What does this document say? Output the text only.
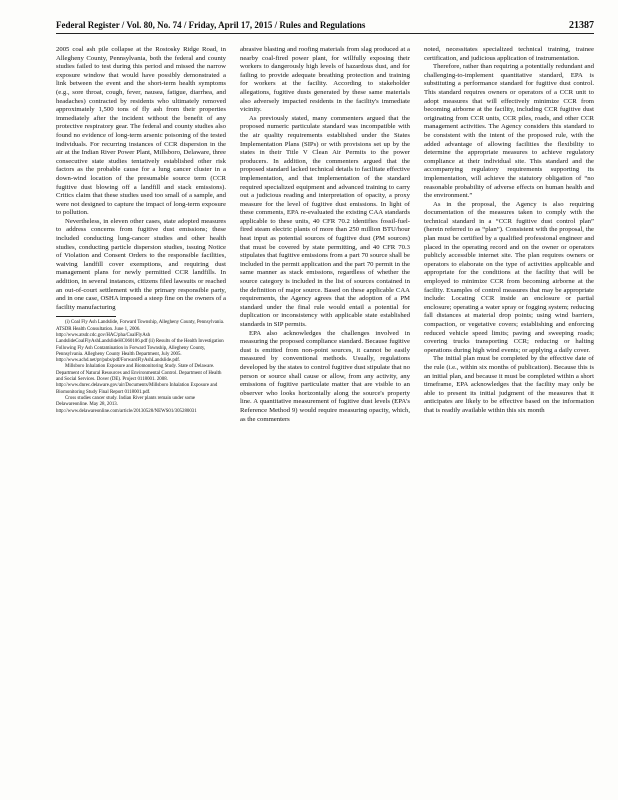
Federal Register / Vol. 80, No. 74 / Friday, April 17, 2015 / Rules and Regulations	21387

2005 coal ash pile collapse at the Rostosky Ridge Road, in Allegheny County, Pennsylvania, both the federal and county studies failed to test during this period and missed the narrow exposure window that would have possibly demonstrated a link between the event and the short-term health symptoms (e.g., sore throat, cough, fever, nausea, fatigue, diarrhea, and headaches) contracted by residents who ultimately removed approximately 1,500 tons of fly ash from their properties immediately after the incident without the benefit of any protective respiratory gear. The federal and county studies also found no evidence of long-term arsenic poisoning of the tested individuals. For recurring instances of CCR dispersion in the air at the Indian River Power Plant, Millsboro, Delaware, three consecutive state studies tentatively established other risk factors as the probable cause for a lung cancer cluster in a down-wind location of the presumable source term (CCR fugitive dust blowing off a landfill and stack emissions). Critics claim that these studies used too small of a sample, and were not designed to capture the impact of long-term exposure to pollution.

Nevertheless, in eleven other cases, state adopted measures to address concerns from fugitive dust emissions; these included conducting lung-cancer studies and other health studies, conducting particle dispersion studies, issuing Notice of Violation and Consent Orders to the responsible facilities, waiving landfill cover exemptions, and requiring dust management plans for newly permitted CCR landfills. In addition, in several instances, citizens filed lawsuits or reached an out-of-court settlement with the primary responsible party, and in one case, OSHA imposed a steep fine on the owners of a facility manufacturing

(i) Coal Fly Ash Landslide, Forward Township, Allegheny County, Pennsylvania. ATSDR Health Consultation. June 1, 2006. http://www.atsdr.cdc.gov/HAC/pha/CoalFlyAsh LandslideCoalFlyAshLandslideHC060106.pdf (ii) Results of the Health Investigation Following Fly Ash Contamination in Forward Township, Allegheny County, Pennsylvania. Allegheny County Health Department, July 2005. http://www.achd.net/pr/pubs/pdf/ForwardFlyAshLandslide.pdf.

Millsboro Inhalation Exposure and Biomonitoring Study. State of Delaware. Department of Natural Resources and Environmental Control. Department of Health and Social Services. Dover (DE). Project 0118001. 2008. http://www.dnrec.delaware.gov/air/Documents/Millsboro Inhalation Exposure and Biomonitoring Study Final Report 0118001.pdf.

Cross studies cancer study. Indian River plants remain under some Delawareonline. May 28, 2013. http://www.delawareonline.com/article/20130528/NEWS01/305280031

abrasive blasting and roofing materials from slag produced at a nearby coal-fired power plant, for willfully exposing their workers to dangerously high levels of hazardous dust, and for failing to provide adequate breathing protection and training for workers at the facility. According to stakeholder allegations, fugitive dusts generated by these same materials also adversely impacted residents in the facility's immediate vicinity.

As previously stated, many commenters argued that the proposed numeric particulate standard was incompatible with the air quality requirements established under the States Implementation Plans (SIPs) or with provisions set up by the states in their Title V Clean Air Permits to the power producers. In addition, the commenters argued that the proposed standard lacked technical details to facilitate effective implementation, and that implementation of the standard required specialized equipment and advanced training to carry out a judicious reading and interpretation of opacity, a proxy measure for the level of fugitive dust emissions. In light of these comments, EPA re-evaluated the existing CAA standards applicable to these units, 40 CFR 70.2 identifies fossil-fuel-fired steam electric plants of more than 250 million BTU/hour heat input as potential sources of fugitive dust (PM sources) that must be covered by state permitting, and 40 CFR 70.3 stipulates that fugitive emissions from a part 70 source shall be included in the permit application and the part 70 permit in the same manner as stack emissions, regardless of whether the source category is included in the list of sources contained in the definition of major source. Based on these applicable CAA requirements, the Agency agrees that the adoption of a PM standard under the final rule would entail a potential for duplication or inconsistency with applicable state established standards in SIP permits.

EPA also acknowledges the challenges involved in measuring the proposed compliance standard. Because fugitive dust is emitted from non-point sources, it cannot be easily measured by conventional methods. Usually, regulations developed by the states to control fugitive dust stipulate that no person or source shall cause or allow, from any activity, any emissions of fugitive particulate matter that are visible to an observer who looks horizontally along the source's property line. A quantitative measurement of fugitive dust levels (EPA's Reference Method 9) would require measuring opacity, which, as the commenters

noted, necessitates specialized technical training, trainee certification, and judicious application of instrumentation.

Therefore, rather than requiring a potentially redundant and challenging-to-implement quantitative standard, EPA is substituting a performance standard for fugitive dust control. This standard requires owners or operators of a CCR unit to adopt measures that will effectively minimize CCR from becoming airborne at the facility, including CCR fugitive dust originating from CCR units, CCR piles, roads, and other CCR management activities. The Agency considers this standard to be consistent with the intent of the proposed rule, with the added advantage of allowing facilities the flexibility to determine the appropriate measures to achieve regulatory compliance at their individual site. This standard and the accompanying regulatory requirements supporting its implementation, will achieve the statutory obligation of “no reasonable probability of adverse effects on human health and the environment.”

As in the proposal, the Agency is also requiring documentation of the measures taken to comply with the technical standard in a “CCR fugitive dust control plan” (herein referred to as “plan”). Consistent with the proposal, the plan must be certified by a qualified professional engineer and placed in the operating record and on the owner or operators publicly accessible internet site. The plan requires owners or operators to elaborate on the type of activities applicable and appropriate for the conditions at the facility that will be employed to minimize CCR from becoming airborne at the facility. Examples of control measures that may be appropriate include: Locating CCR inside an enclosure or partial enclosure; operating a water spray or fogging system; reducing fall distances at material drop points; using wind barriers, compaction, or vegetative covers; establishing and enforcing reduced vehicle speed limits; paving and sweeping roads; covering trucks transporting CCR; reducing or halting operations during high wind events; or applying a daily cover.

The initial plan must be completed by the effective date of the rule (i.e., within six months of publication). Because this is an initial plan, and because it must be completed within a short timeframe, EPA acknowledges that the facility may only be able to present its initial judgment of the measures that it anticipates are likely to be effective based on the information that is readily available within this six month
